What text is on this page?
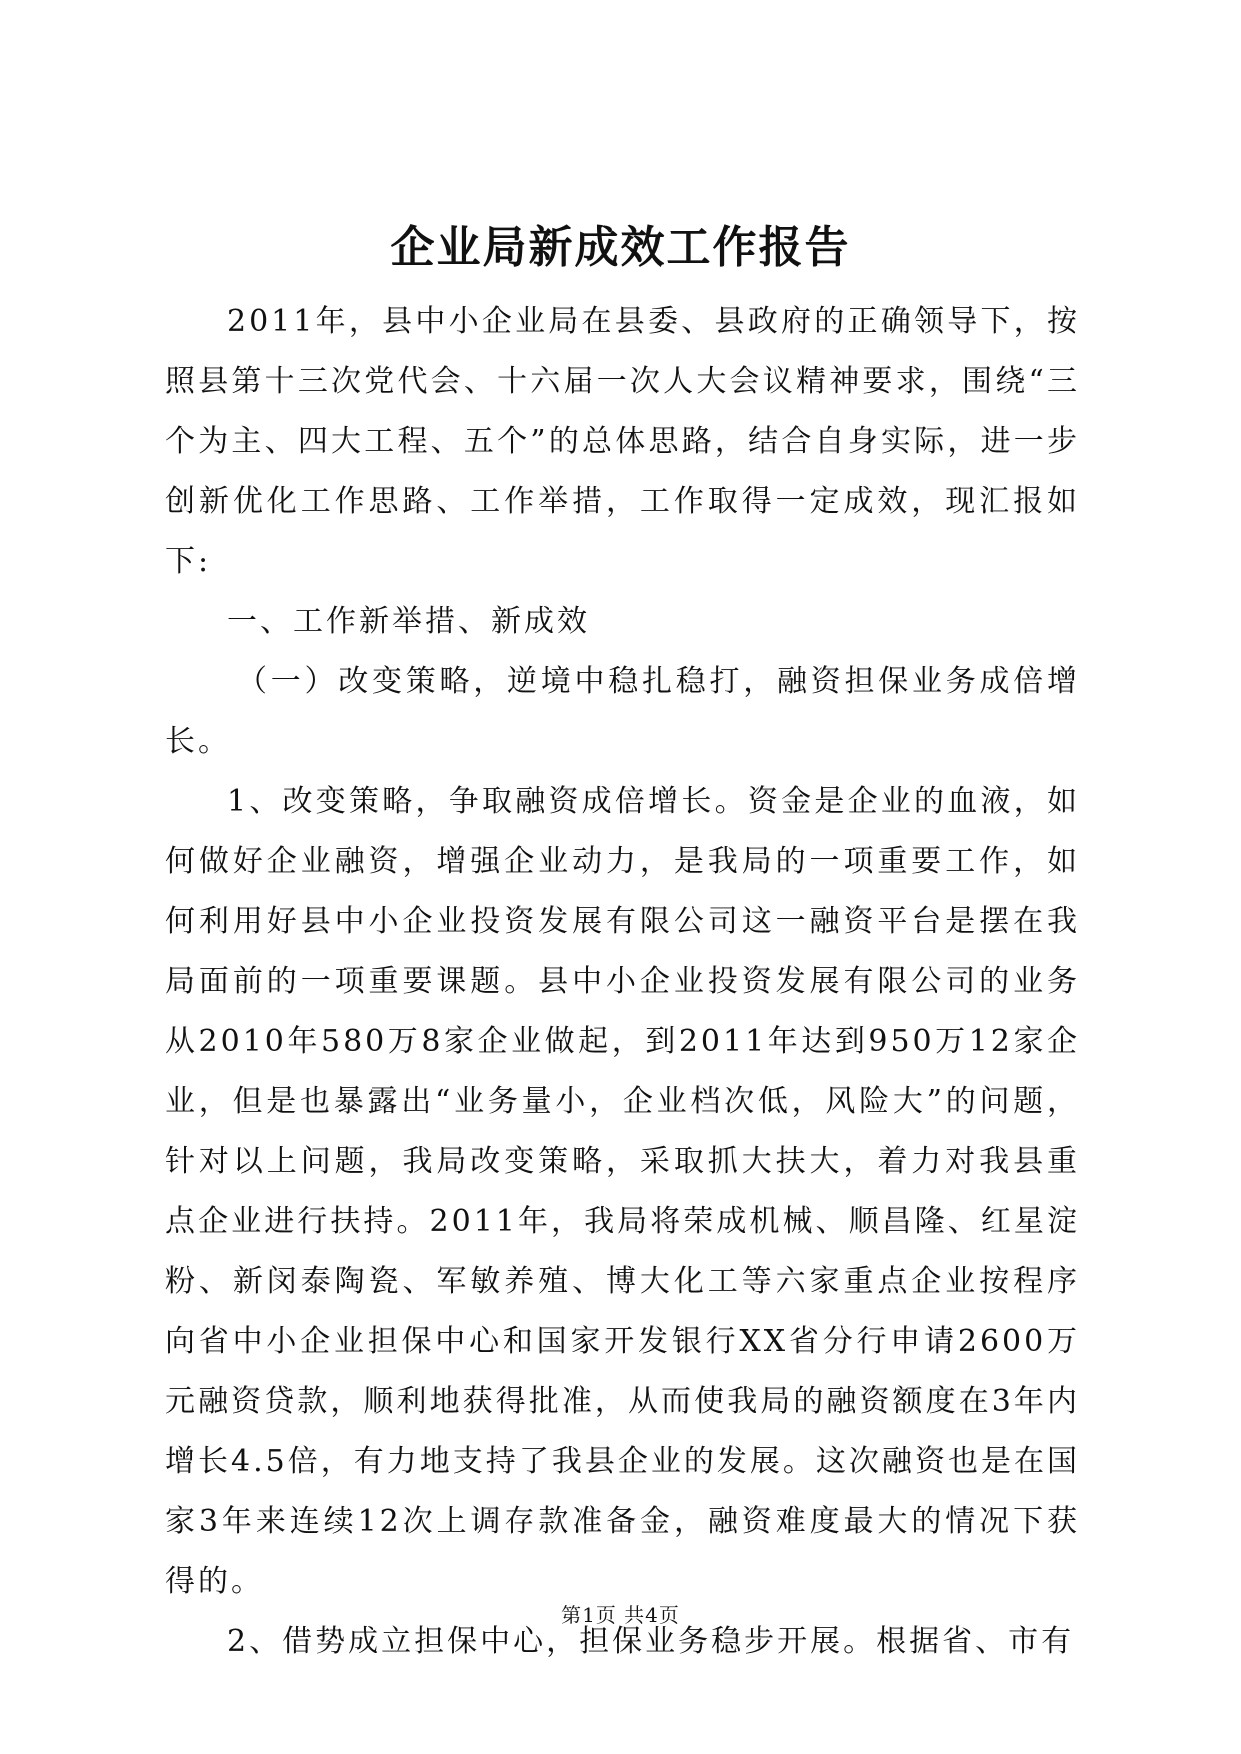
企业局新成效工作报告

2011年，县中小企业局在县委、县政府的正确领导下，按照县第十三次党代会、十六届一次人大会议精神要求，围绕“三个为主、四大工程、五个”的总体思路，结合自身实际，进一步创新优化工作思路、工作举措，工作取得一定成效，现汇报如下:

一、工作新举措、新成效

（一）改变策略，逆境中稳扎稳打，融资担保业务成倍增长。

1、改变策略，争取融资成倍增长。资金是企业的血液，如何做好企业融资，增强企业动力，是我局的一项重要工作，如何利用好县中小企业投资发展有限公司这一融资平台是摆在我局面前的一项重要课题。县中小企业投资发展有限公司的业务从2010年580万8家企业做起，到2011年达到950万12家企业，但是也暴露出“业务量小，企业档次低，风险大”的问题，针对以上问题，我局改变策略，采取抓大扶大，着力对我县重点企业进行扶持。2011年，我局将荣成机械、顺昌隆、红星淀粉、新闵泰陶瓷、军敏养殖、博大化工等六家重点企业按程序向省中小企业担保中心和国家开发银行XX省分行申请2600万元融资贷款，顺利地获得批准，从而使我局的融资额度在3年内增长4.5倍，有力地支持了我县企业的发展。这次融资也是在国家3年来连续12次上调存款准备金，融资难度最大的情况下获得的。

2、借势成立担保中心，担保业务稳步开展。根据省、市有

第1页 共4页
